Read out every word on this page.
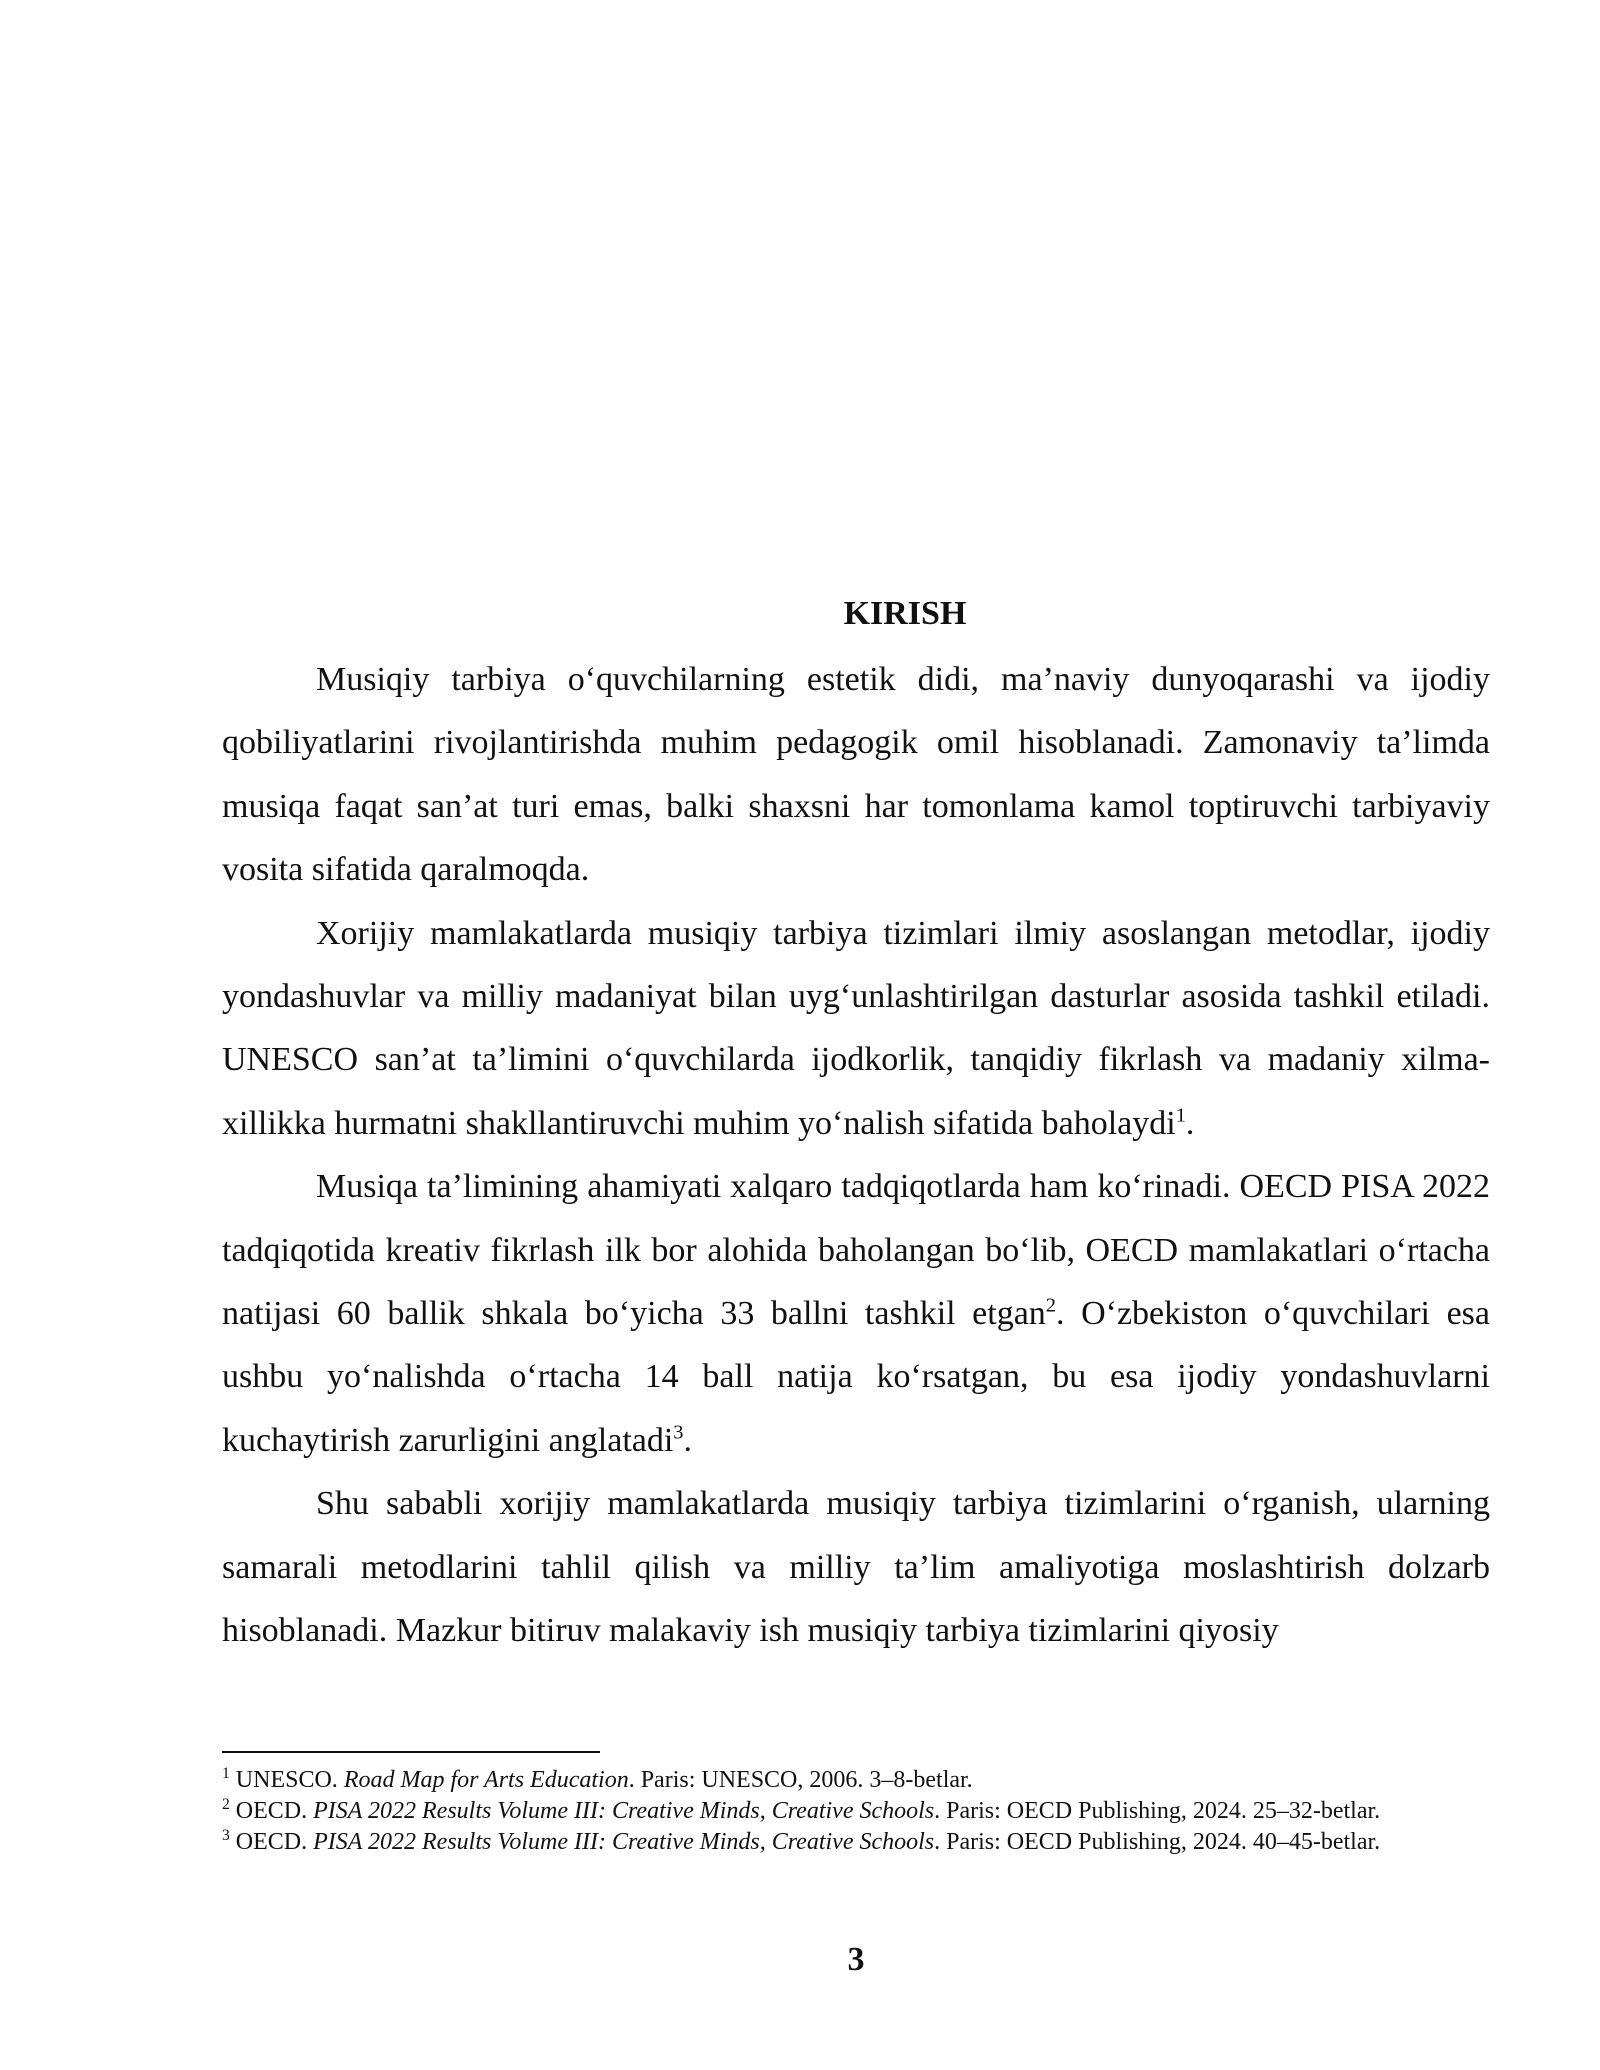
KIRISH

Musiqiy tarbiya o‘quvchilarning estetik didi, ma’naviy dunyoqarashi va ijodiy qobiliyatlarini rivojlantirishda muhim pedagogik omil hisoblanadi. Zamonaviy ta’limda musiqa faqat san’at turi emas, balki shaxsni har tomonlama kamol toptiruvchi tarbiyaviy vosita sifatida qaralmoqda.

Xorijiy mamlakatlarda musiqiy tarbiya tizimlari ilmiy asoslangan metodlar, ijodiy yondashuvlar va milliy madaniyat bilan uyg‘unlashtirilgan dasturlar asosida tashkil etiladi. UNESCO san’at ta’limini o‘quvchilarda ijodkorlik, tanqidiy fikrlash va madaniy xilma-xillikka hurmatni shakllantiruvchi muhim yo‘nalish sifatida baholaydi$^1$.

Musiqa ta’limining ahamiyati xalqaro tadqiqotlarda ham ko‘rinadi. OECD PISA 2022 tadqiqotida kreativ fikrlash ilk bor alohida baholangan bo‘lib, OECD mamlakatlari o‘rtacha natijasi 60 ballik shkala bo‘yicha 33 ballni tashkil etgan$^2$. O‘zbekiston o‘quvchilari esa ushbu yo‘nalishda o‘rtacha 14 ball natija ko‘rsatgan, bu esa ijodiy yondashuvlarni kuchaytirish zarurligini anglatadi$^3$.

Shu sababli xorijiy mamlakatlarda musiqiy tarbiya tizimlarini o‘rganish, ularning samarali metodlarini tahlil qilish va milliy ta’lim amaliyotiga moslashtirish dolzarb hisoblanadi. Mazkur bitiruv malakaviy ish musiqiy tarbiya tizimlarini qiyosiy

$^1$ UNESCO. Road Map for Arts Education. Paris: UNESCO, 2006. 3–8-betlar.

$^2$ OECD. PISA 2022 Results Volume III: Creative Minds, Creative Schools. Paris: OECD Publishing, 2024. 25–32-betlar.

$^3$ OECD. PISA 2022 Results Volume III: Creative Minds, Creative Schools. Paris: OECD Publishing, 2024. 40–45-betlar.

3
